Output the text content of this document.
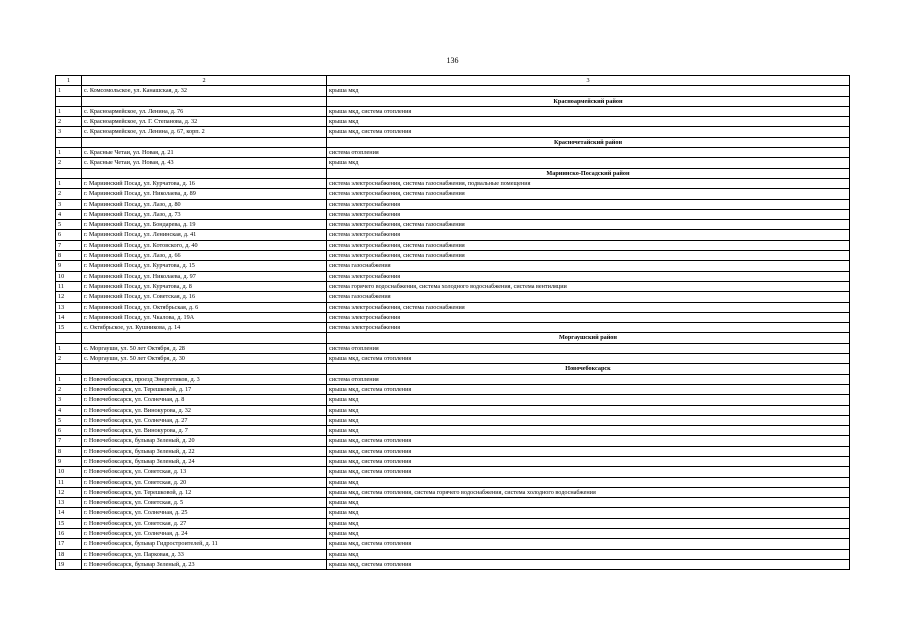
136
1	2	3
1	с. Комсомольское, ул. Канашская, д. 32	крыша мкд
		Красноармейский район
1	с. Красноармейское, ул. Ленина, д. 76	крыша мкд, система отопления
2	с. Красноармейское, ул. Г. Степанова, д. 32	крыша мкд
3	с. Красноармейское, ул. Ленина, д. 67, корп. 2	крыша мкд, система отопления
		Красночетайский район
1	с. Красные Четаи, ул. Новая, д. 21	система отопления
2	с. Красные Четаи, ул. Новая, д. 43	крыша мкд
		Мариинско-Посадский район
1	г. Мариинский Посад, ул. Курчатова, д. 16	система электроснабжения, система газоснабжения, подвальные помещения
2	г. Мариинский Посад, ул. Николаева, д. 89	система электроснабжения, система газоснабжения
3	г. Мариинский Посад, ул. Лазо, д. 80	система электроснабжения
4	г. Мариинский Посад, ул. Лазо, д. 73	система электроснабжения
5	г. Мариинский Посад, ул. Бондарева, д. 19	система электроснабжения, система газоснабжения
6	г. Мариинский Посад, ул. Ленинская, д. 41	система электроснабжения
7	г. Мариинский Посад, ул. Котовского, д. 40	система электроснабжения, система газоснабжения
8	г. Мариинский Посад, ул. Лазо, д. 66	система электроснабжения, система газоснабжения
9	г. Мариинский Посад, ул. Курчатова, д. 15	система газоснабжения
10	г. Мариинский Посад, ул. Николаева, д. 97	система электроснабжения
11	г. Мариинский Посад, ул. Курчатова, д. 8	система горячего водоснабжения, система холодного водоснабжения, система вентиляции
12	г. Мариинский Посад, ул. Советская, д. 16	система газоснабжения
13	г. Мариинский Посад, ул. Октябрьская, д. 6	система электроснабжения, система газоснабжения
14	г. Мариинский Посад, ул. Чкалова, д. 19А	система электроснабжения
15	с. Октябрьское, ул. Кушникова, д. 14	система электроснабжения
		Моргаушский район
1	с. Моргауши, ул. 50 лет Октября, д. 28	система отопления
2	с. Моргауши, ул. 50 лет Октября, д. 30	крыша мкд, система отопления
		Новочебоксарск
1	г. Новочебоксарск, проезд Энергетиков, д. 3	система отопления
2	г. Новочебоксарск, ул. Терешковой, д. 17	крыша мкд, система отопления
3	г. Новочебоксарск, ул. Солнечная, д. 8	крыша мкд
4	г. Новочебоксарск, ул. Винокурова, д. 32	крыша мкд
5	г. Новочебоксарск, ул. Солнечная, д. 27	крыша мкд
6	г. Новочебоксарск, ул. Винокурова, д. 7	крыша мкд
7	г. Новочебоксарск, бульвар Зеленый, д. 20	крыша мкд, система отопления
8	г. Новочебоксарск, бульвар Зеленый, д. 22	крыша мкд, система отопления
9	г. Новочебоксарск, бульвар Зеленый, д. 24	крыша мкд, система отопления
10	г. Новочебоксарск, ул. Советская, д. 13	крыша мкд, система отопления
11	г. Новочебоксарск, ул. Советская, д. 20	крыша мкд
12	г. Новочебоксарск, ул. Терешковой, д. 12	крыша мкд, система отопления, система горячего водоснабжения, система холодного водоснабжения
13	г. Новочебоксарск, ул. Советская, д. 5	крыша мкд
14	г. Новочебоксарск, ул. Солнечная, д. 25	крыша мкд
15	г. Новочебоксарск, ул. Советская, д. 27	крыша мкд
16	г. Новочебоксарск, ул. Солнечная, д. 24	крыша мкд
17	г. Новочебоксарск, бульвар Гидростроителей, д. 11	крыша мкд, система отопления
18	г. Новочебоксарск, ул. Парковая, д. 33	крыша мкд
19	г. Новочебоксарск, бульвар Зеленый, д. 23	крыша мкд, система отопления
